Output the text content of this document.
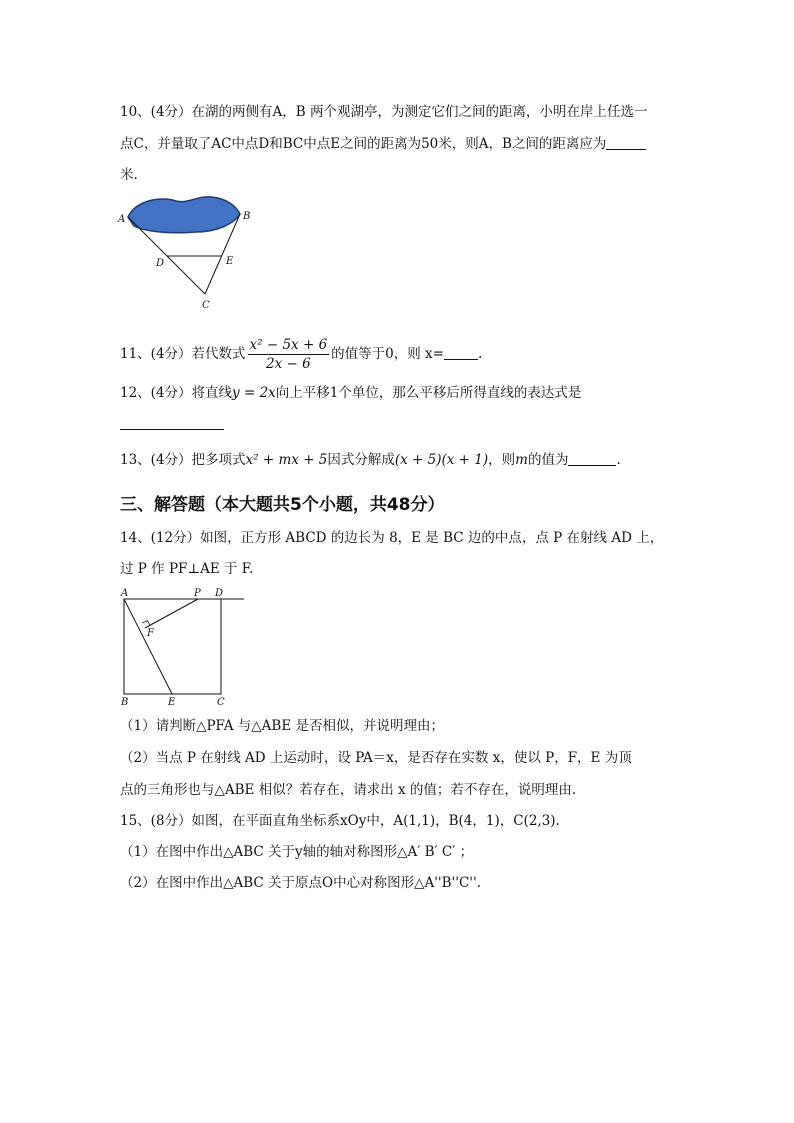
10、(4分）在湖的两侧有A，B 两个观湖亭，为测定它们之间的距离，小明在岸上任选一
点C，并量取了AC中点D和BC中点E之间的距离为50米，则A，B之间的距离应为
米.
A	B
D	E
C
11、(4分）若代数式 $\frac{\text{x² − 5x + 6}}{2x - 6}$ 的值等于0，则 x=	.
12、(4分）将直线y = 2x向上平移1个单位，那么平移后所得直线的表达式是
13、(4分）把多项式x² + mx + 5因式分解成(x + 5)(x + 1)，则m的值为	.
三、解答题（本大题共5个小题，共48分）
14、(12分）如图，正方形 ABCD 的边长为 8，E 是 BC 边的中点，点 P 在射线 AD 上，
过 P 作 PF⊥AE 于 F.
A	P D
F
B	E	C
（1）请判断△PFA 与△ABE 是否相似，并说明理由；
（2）当点 P 在射线 AD 上运动时，设 PA＝x，是否存在实数 x，使以 P，F，E 为顶
点的三角形也与△ABE 相似？若存在，请求出 x 的值；若不存在，说明理由.
15、(8分）如图，在平面直角坐标系xOy中，A(1,1)，B(4，1)，C(2,3).
（1）在图中作出△ABC 关于y轴的轴对称图形△A′ B′ C′ ；
（2）在图中作出△ABC 关于原点O中心对称图形△A''B''C''.
